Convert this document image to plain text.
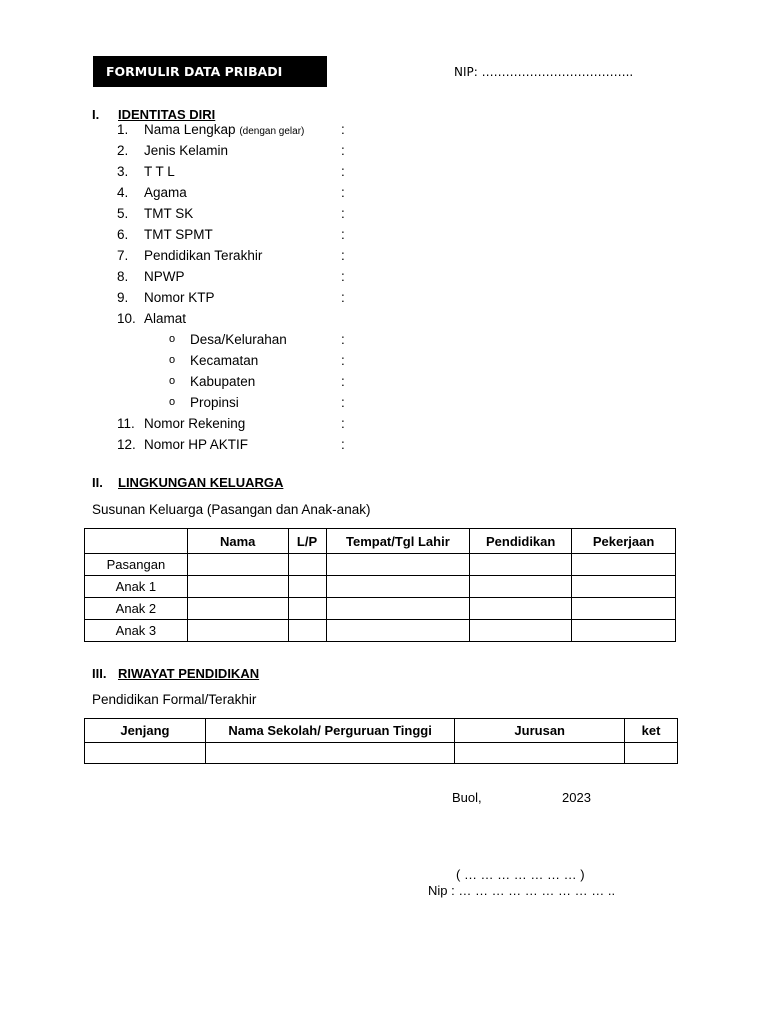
FORMULIR DATA PRIBADI	NIP: ………………………………..
I. IDENTITAS DIRI
1. Nama Lengkap (dengan gelar)	:
2. Jenis Kelamin	:
3. T T L	:
4. Agama	:
5. TMT SK	:
6. TMT SPMT	:
7. Pendidikan Terakhir	:
8. NPWP	:
9. Nomor KTP	:
10. Alamat
o Desa/Kelurahan	:
o Kecamatan	:
o Kabupaten	:
o Propinsi	:
11. Nomor Rekening	:
12. Nomor HP AKTIF	:
II. LINGKUNGAN KELUARGA
Susunan Keluarga (Pasangan dan Anak-anak)
	Nama	L/P	Tempat/Tgl Lahir	Pendidikan	Pekerjaan
Pasangan					
Anak 1					
Anak 2					
Anak 3					
III. RIWAYAT PENDIDIKAN
Pendidikan Formal/Terakhir
Jenjang	Nama Sekolah/ Perguruan Tinggi	Jurusan	ket

Buol,	2023
( … … … … … … … )
Nip : … … … … … … … … … ..
